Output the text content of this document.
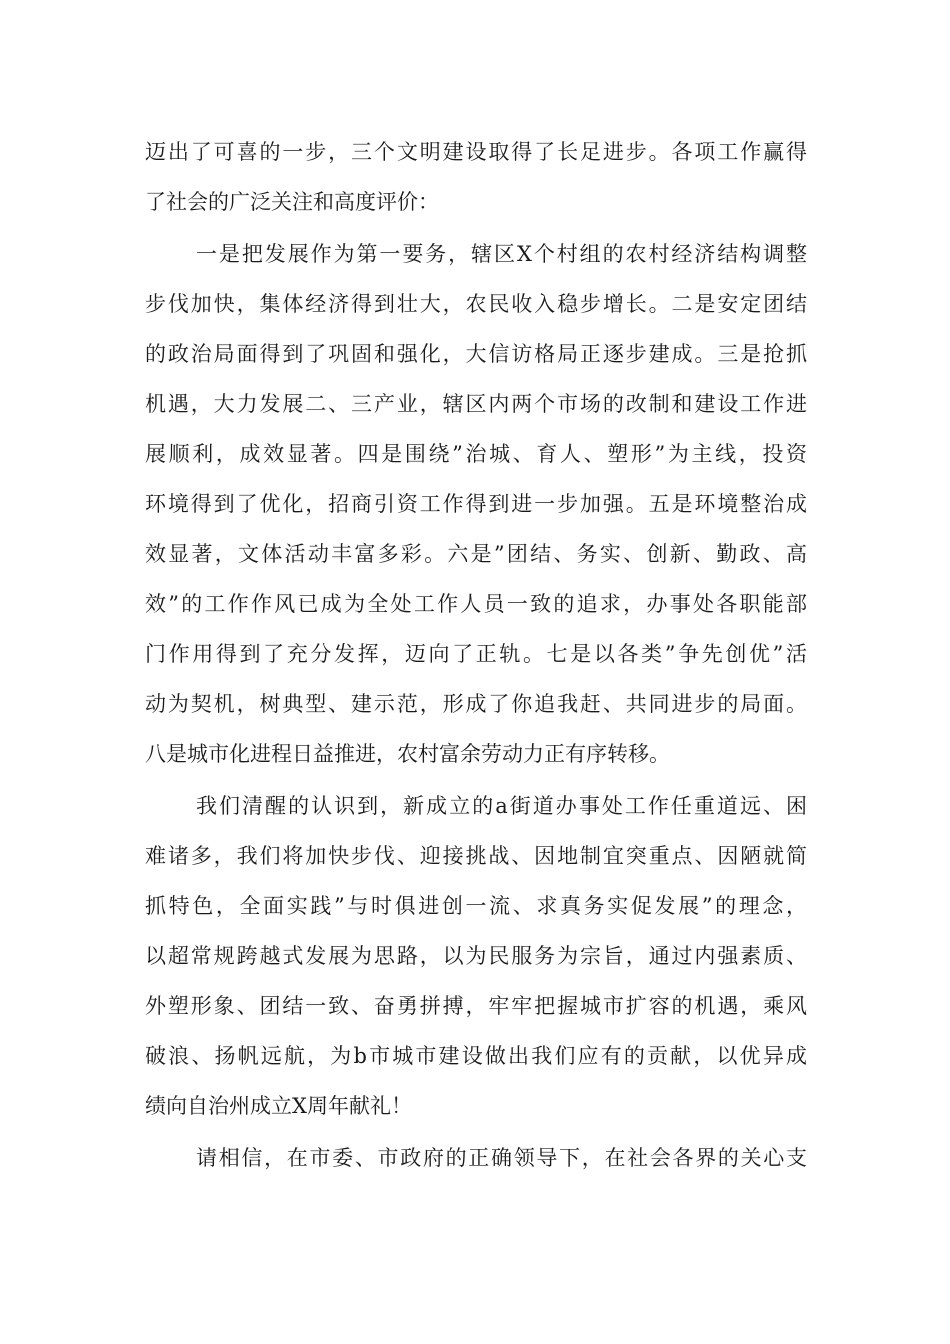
迈出了可喜的一步，三个文明建设取得了长足进步。各项工作赢得
了社会的广泛关注和高度评价：
一是把发展作为第一要务，辖区X个村组的农村经济结构调整
步伐加快，集体经济得到壮大，农民收入稳步增长。二是安定团结
的政治局面得到了巩固和强化，大信访格局正逐步建成。三是抢抓
机遇，大力发展二、三产业，辖区内两个市场的改制和建设工作进
展顺利，成效显著。四是围绕”治城、育人、塑形”为主线，投资
环境得到了优化，招商引资工作得到进一步加强。五是环境整治成
效显著，文体活动丰富多彩。六是”团结、务实、创新、勤政、高
效”的工作作风已成为全处工作人员一致的追求，办事处各职能部
门作用得到了充分发挥，迈向了正轨。七是以各类”争先创优”活
动为契机，树典型、建示范，形成了你追我赶、共同进步的局面。
八是城市化进程日益推进，农村富余劳动力正有序转移。
我们清醒的认识到，新成立的a街道办事处工作任重道远、困
难诸多，我们将加快步伐、迎接挑战、因地制宜突重点、因陋就简
抓特色，全面实践”与时俱进创一流、求真务实促发展”的理念，
以超常规跨越式发展为思路，以为民服务为宗旨，通过内强素质、
外塑形象、团结一致、奋勇拼搏，牢牢把握城市扩容的机遇，乘风
破浪、扬帆远航，为b市城市建设做出我们应有的贡献，以优异成
绩向自治州成立X周年献礼！
请相信，在市委、市政府的正确领导下，在社会各界的关心支
